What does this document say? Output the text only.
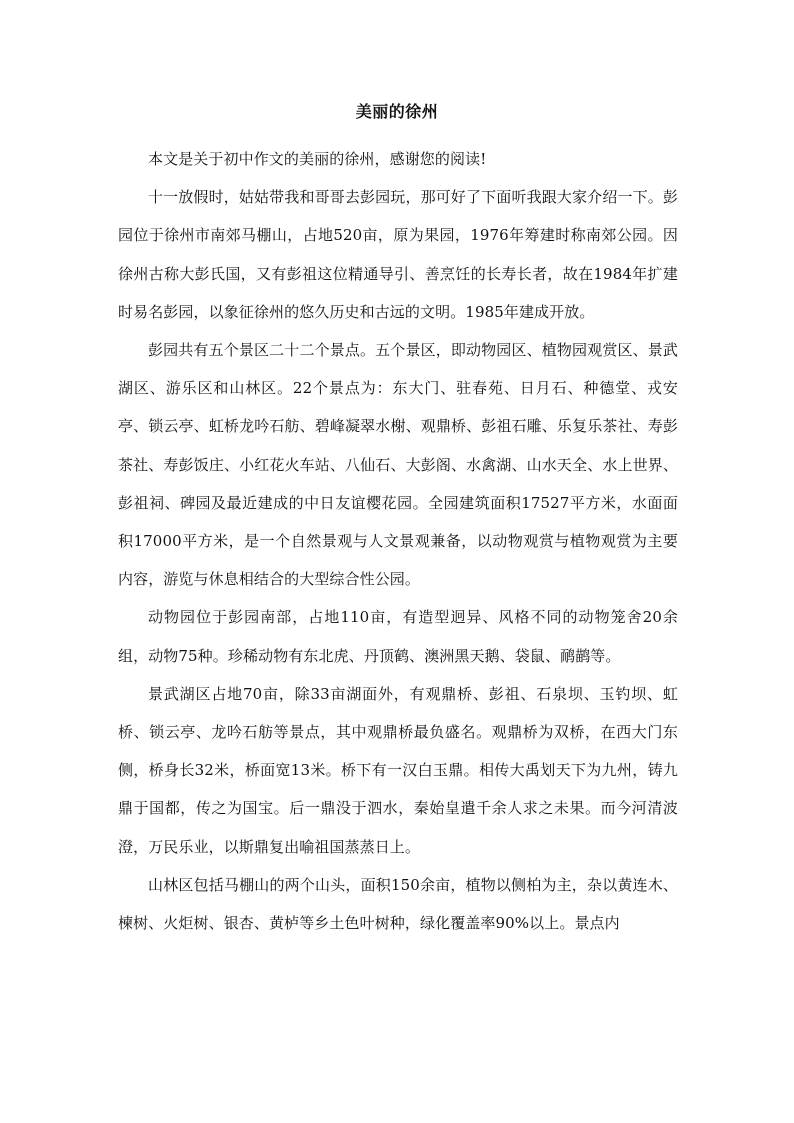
美丽的徐州

本文是关于初中作文的美丽的徐州，感谢您的阅读!

十一放假时，姑姑带我和哥哥去彭园玩，那可好了下面听我跟大家介绍一下。彭园位于徐州市南郊马棚山，占地520亩，原为果园，1976年筹建时称南郊公园。因徐州古称大彭氏国，又有彭祖这位精通导引、善烹饪的长寿长者，故在1984年扩建时易名彭园，以象征徐州的悠久历史和古远的文明。1985年建成开放。

彭园共有五个景区二十二个景点。五个景区，即动物园区、植物园观赏区、景武湖区、游乐区和山林区。22个景点为：东大门、驻春苑、日月石、种德堂、戎安亭、锁云亭、虹桥龙吟石舫、碧峰凝翠水榭、观鼎桥、彭祖石雕、乐复乐茶社、寿彭茶社、寿彭饭庄、小红花火车站、八仙石、大彭阁、水禽湖、山水天全、水上世界、彭祖祠、碑园及最近建成的中日友谊樱花园。全园建筑面积17527平方米，水面面积17000平方米，是一个自然景观与人文景观兼备，以动物观赏与植物观赏为主要内容，游览与休息相结合的大型综合性公园。

动物园位于彭园南部，占地110亩，有造型迥异、风格不同的动物笼舍20余组，动物75种。珍稀动物有东北虎、丹顶鹤、澳洲黑天鹅、袋鼠、鸸鹋等。

景武湖区占地70亩，除33亩湖面外，有观鼎桥、彭祖、石泉坝、玉钓坝、虹桥、锁云亭、龙吟石舫等景点，其中观鼎桥最负盛名。观鼎桥为双桥，在西大门东侧，桥身长32米，桥面宽13米。桥下有一汉白玉鼎。相传大禹划天下为九州，铸九鼎于国都，传之为国宝。后一鼎没于泗水，秦始皇遣千余人求之未果。而今河清波澄，万民乐业，以斯鼎复出喻祖国蒸蒸日上。

山林区包括马棚山的两个山头，面积150余亩，植物以侧柏为主，杂以黄连木、楝树、火炬树、银杏、黄栌等乡土色叶树种，绿化覆盖率90%以上。景点内
